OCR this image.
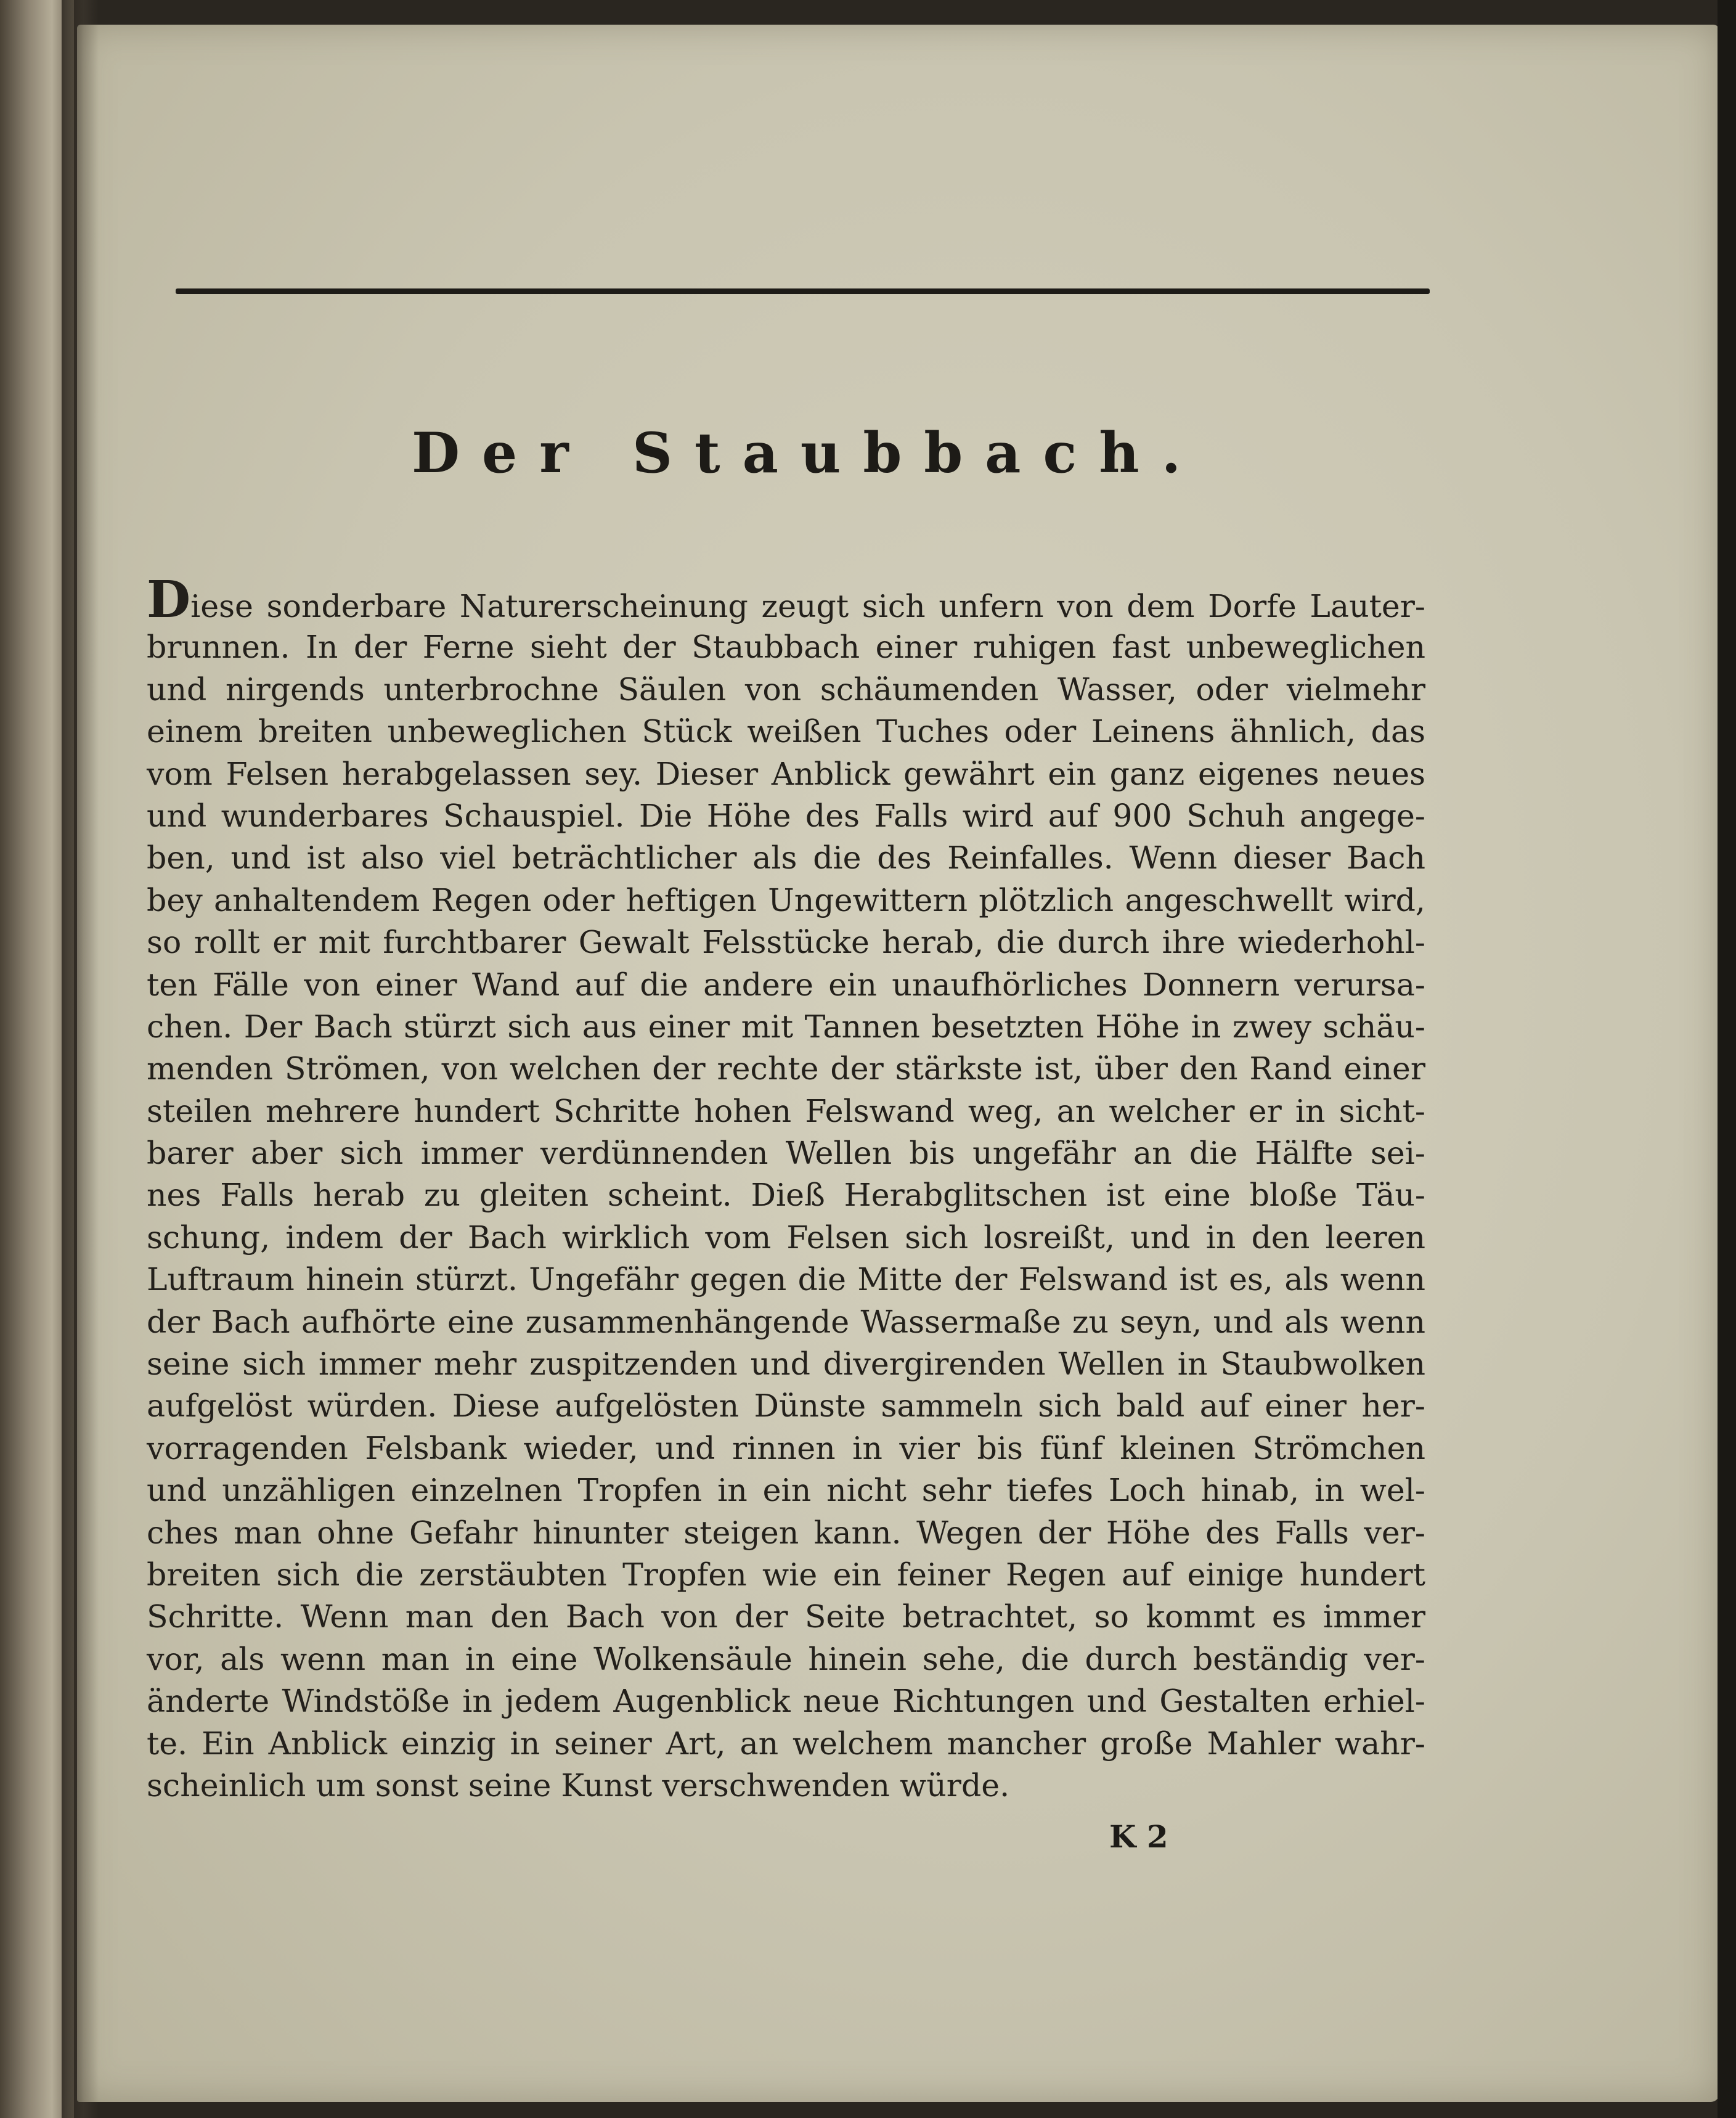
Der Staubbach.
Diese sonderbare Naturerscheinung zeugt sich unfern von dem Dorfe Lauter-
brunnen. In der Ferne sieht der Staubbach einer ruhigen fast unbeweglichen
und nirgends unterbrochne Säulen von schäumenden Wasser, oder vielmehr
einem breiten unbeweglichen Stück weißen Tuches oder Leinens ähnlich, das
vom Felsen herabgelassen sey. Dieser Anblick gewährt ein ganz eigenes neues
und wunderbares Schauspiel. Die Höhe des Falls wird auf 900 Schuh angege-
ben, und ist also viel beträchtlicher als die des Reinfalles. Wenn dieser Bach
bey anhaltendem Regen oder heftigen Ungewittern plötzlich angeschwellt wird,
so rollt er mit furchtbarer Gewalt Felsstücke herab, die durch ihre wiederhohl-
ten Fälle von einer Wand auf die andere ein unaufhörliches Donnern verursa-
chen. Der Bach stürzt sich aus einer mit Tannen besetzten Höhe in zwey schäu-
menden Strömen, von welchen der rechte der stärkste ist, über den Rand einer
steilen mehrere hundert Schritte hohen Felswand weg, an welcher er in sicht-
barer aber sich immer verdünnenden Wellen bis ungefähr an die Hälfte sei-
nes Falls herab zu gleiten scheint. Dieß Herabglitschen ist eine bloße Täu-
schung, indem der Bach wirklich vom Felsen sich losreißt, und in den leeren
Luftraum hinein stürzt. Ungefähr gegen die Mitte der Felswand ist es, als wenn
der Bach aufhörte eine zusammenhängende Wassermaße zu seyn, und als wenn
seine sich immer mehr zuspitzenden und divergirenden Wellen in Staubwolken
aufgelöst würden. Diese aufgelösten Dünste sammeln sich bald auf einer her-
vorragenden Felsbank wieder, und rinnen in vier bis fünf kleinen Strömchen
und unzähligen einzelnen Tropfen in ein nicht sehr tiefes Loch hinab, in wel-
ches man ohne Gefahr hinunter steigen kann. Wegen der Höhe des Falls ver-
breiten sich die zerstäubten Tropfen wie ein feiner Regen auf einige hundert
Schritte. Wenn man den Bach von der Seite betrachtet, so kommt es immer
vor, als wenn man in eine Wolkensäule hinein sehe, die durch beständig ver-
änderte Windstöße in jedem Augenblick neue Richtungen und Gestalten erhiel-
te. Ein Anblick einzig in seiner Art, an welchem mancher große Mahler wahr-
scheinlich um sonst seine Kunst verschwenden würde.
K 2
